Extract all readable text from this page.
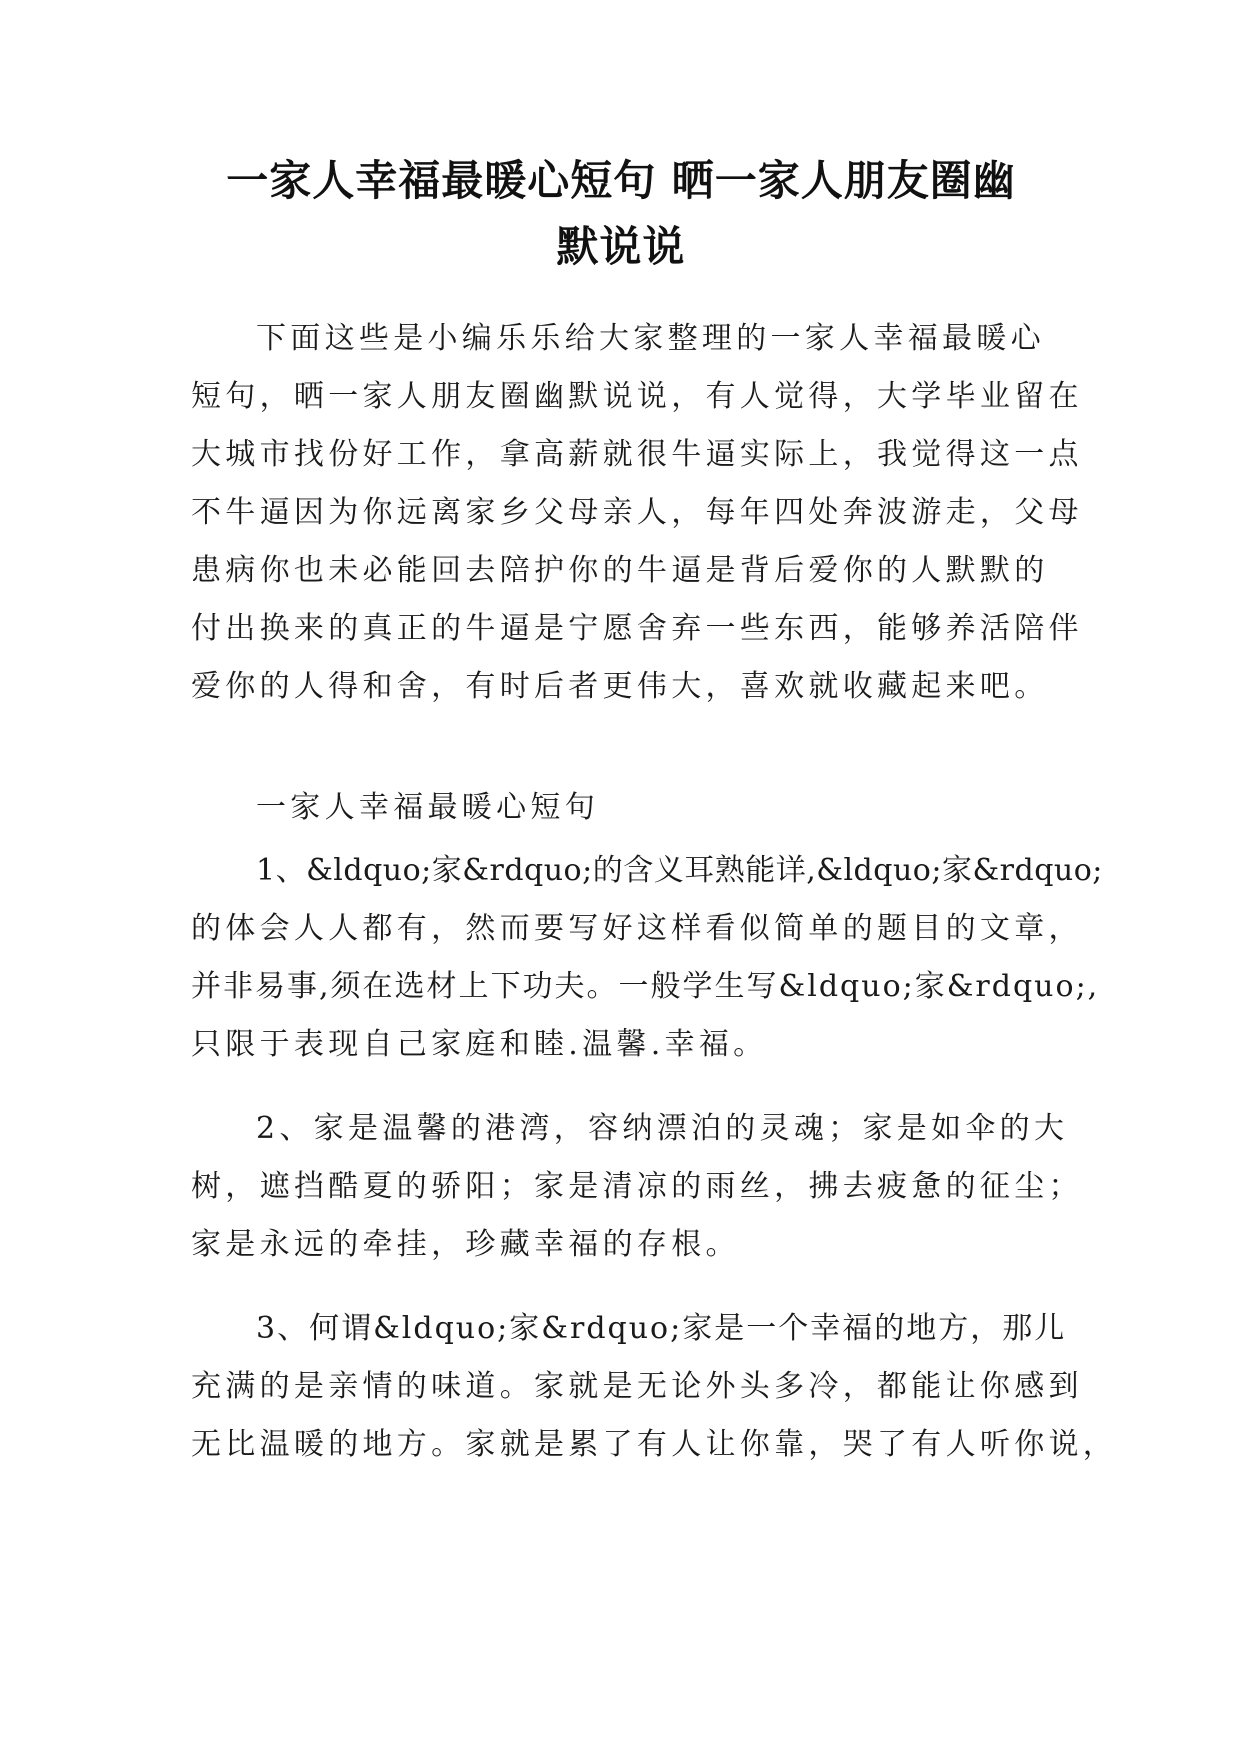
一家人幸福最暖心短句 晒一家人朋友圈幽
默说说
下面这些是小编乐乐给大家整理的一家人幸福最暖心
短句，晒一家人朋友圈幽默说说，有人觉得，大学毕业留在
大城市找份好工作，拿高薪就很牛逼实际上，我觉得这一点
不牛逼因为你远离家乡父母亲人，每年四处奔波游走，父母
患病你也未必能回去陪护你的牛逼是背后爱你的人默默的
付出换来的真正的牛逼是宁愿舍弃一些东西，能够养活陪伴
爱你的人得和舍，有时后者更伟大，喜欢就收藏起来吧。
一家人幸福最暖心短句
1、&ldquo;家&rdquo;的含义耳熟能详,&ldquo;家&rdquo;
的体会人人都有，然而要写好这样看似简单的题目的文章，
并非易事,须在选材上下功夫。一般学生写&ldquo;家&rdquo;,
只限于表现自己家庭和睦.温馨.幸福。
2、家是温馨的港湾，容纳漂泊的灵魂；家是如伞的大
树，遮挡酷夏的骄阳；家是清凉的雨丝，拂去疲惫的征尘；
家是永远的牵挂，珍藏幸福的存根。
3、何谓&ldquo;家&rdquo;家是一个幸福的地方，那儿
充满的是亲情的味道。家就是无论外头多冷，都能让你感到
无比温暖的地方。家就是累了有人让你靠，哭了有人听你说，
